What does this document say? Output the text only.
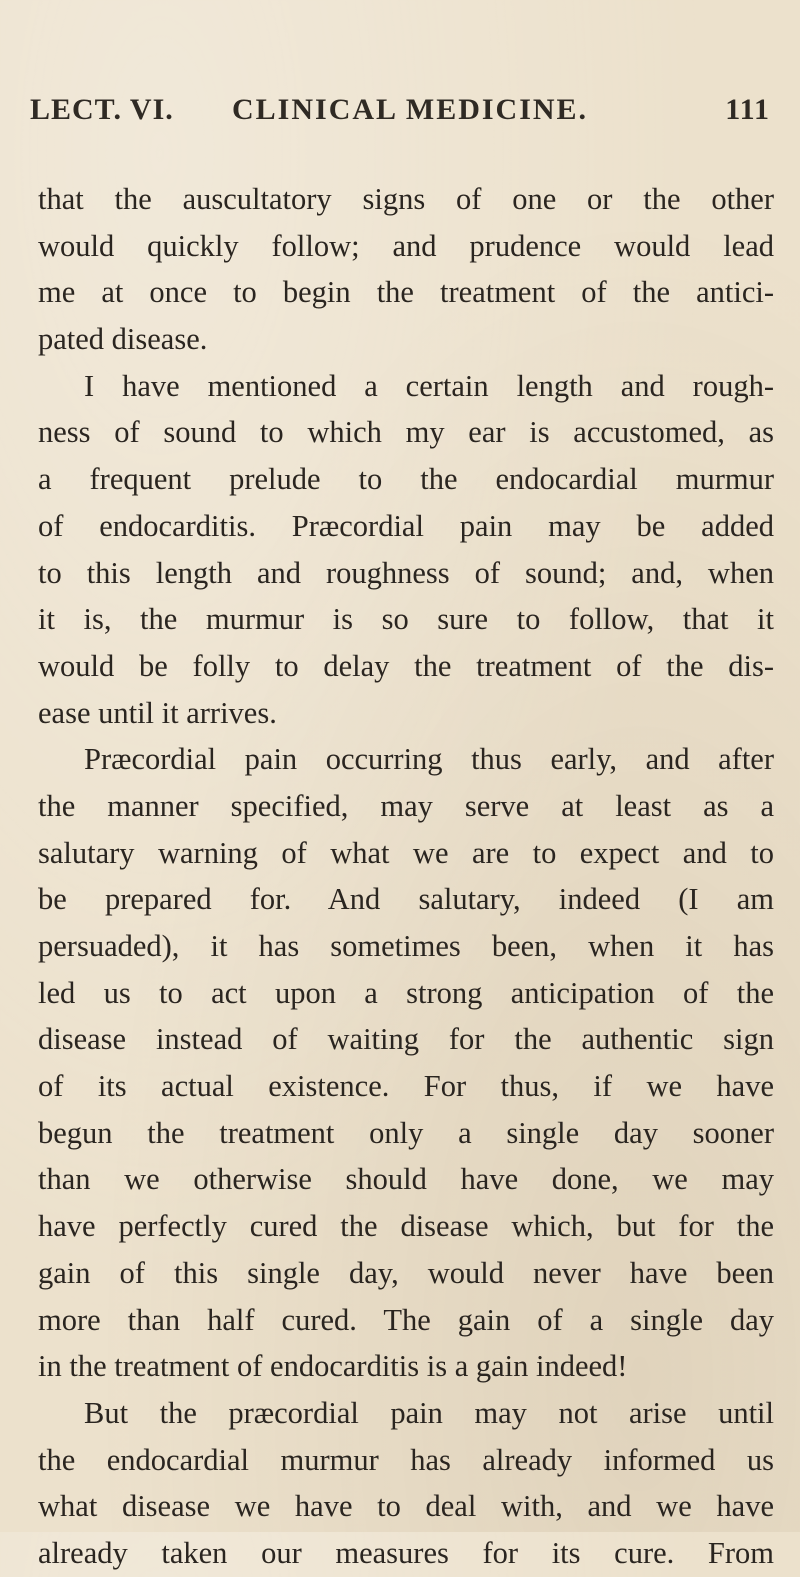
LECT. VI. CLINICAL MEDICINE.	111
that the auscultatory signs of one or the other
would quickly follow; and prudence would lead
me at once to begin the treatment of the antici-
pated disease.
I have mentioned a certain length and rough-
ness of sound to which my ear is accustomed, as
a frequent prelude to the endocardial murmur
of endocarditis. Præcordial pain may be added
to this length and roughness of sound; and, when
it is, the murmur is so sure to follow, that it
would be folly to delay the treatment of the dis-
ease until it arrives.
Præcordial pain occurring thus early, and after
the manner specified, may serve at least as a
salutary warning of what we are to expect and to
be prepared for. And salutary, indeed (I am
persuaded), it has sometimes been, when it has
led us to act upon a strong anticipation of the
disease instead of waiting for the authentic sign
of its actual existence. For thus, if we have
begun the treatment only a single day sooner
than we otherwise should have done, we may
have perfectly cured the disease which, but for the
gain of this single day, would never have been
more than half cured. The gain of a single day
in the treatment of endocarditis is a gain indeed!
But the præcordial pain may not arise until
the endocardial murmur has already informed us
what disease we have to deal with, and we have
already taken our measures for its cure. From
